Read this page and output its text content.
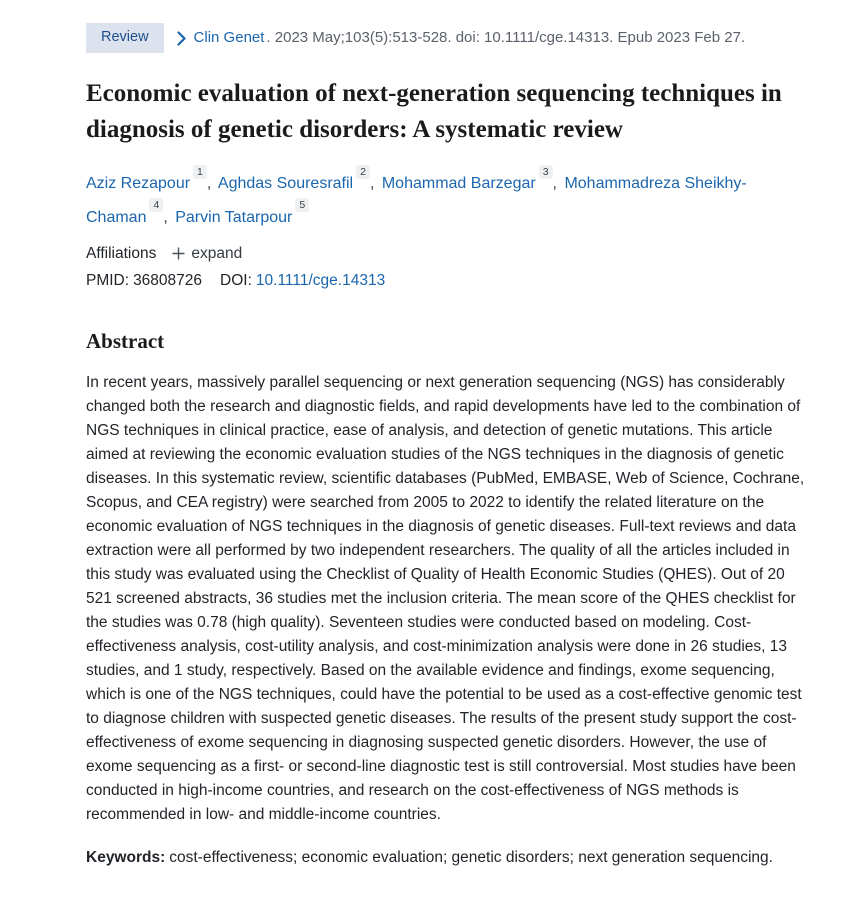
Review	Clin Genet . 2023 May;103(5):513-528. doi: 10.1111/cge.14313. Epub 2023 Feb 27.
Economic evaluation of next-generation sequencing techniques in diagnosis of genetic disorders: A systematic review
Aziz Rezapour$^1$, Aghdas Souresrafil$^2$, Mohammad Barzegar$^3$, Mohammadreza Sheikhy-Chaman$^4$, Parvin Tatarpour$^5$
Affiliations expand
PMID: 36808726 DOI: 10.1111/cge.14313
Abstract

In recent years, massively parallel sequencing or next generation sequencing (NGS) has considerably changed both the research and diagnostic fields, and rapid developments have led to the combination of NGS techniques in clinical practice, ease of analysis, and detection of genetic mutations. This article aimed at reviewing the economic evaluation studies of the NGS techniques in the diagnosis of genetic diseases. In this systematic review, scientific databases (PubMed, EMBASE, Web of Science, Cochrane, Scopus, and CEA registry) were searched from 2005 to 2022 to identify the related literature on the economic evaluation of NGS techniques in the diagnosis of genetic diseases. Full-text reviews and data extraction were all performed by two independent researchers. The quality of all the articles included in this study was evaluated using the Checklist of Quality of Health Economic Studies (QHES). Out of 20 521 screened abstracts, 36 studies met the inclusion criteria. The mean score of the QHES checklist for the studies was 0.78 (high quality). Seventeen studies were conducted based on modeling. Cost-effectiveness analysis, cost-utility analysis, and cost-minimization analysis were done in 26 studies, 13 studies, and 1 study, respectively. Based on the available evidence and findings, exome sequencing, which is one of the NGS techniques, could have the potential to be used as a cost-effective genomic test to diagnose children with suspected genetic diseases. The results of the present study support the cost-effectiveness of exome sequencing in diagnosing suspected genetic disorders. However, the use of exome sequencing as a first- or second-line diagnostic test is still controversial. Most studies have been conducted in high-income countries, and research on the cost-effectiveness of NGS methods is recommended in low- and middle-income countries.

Keywords: cost-effectiveness; economic evaluation; genetic disorders; next generation sequencing.
